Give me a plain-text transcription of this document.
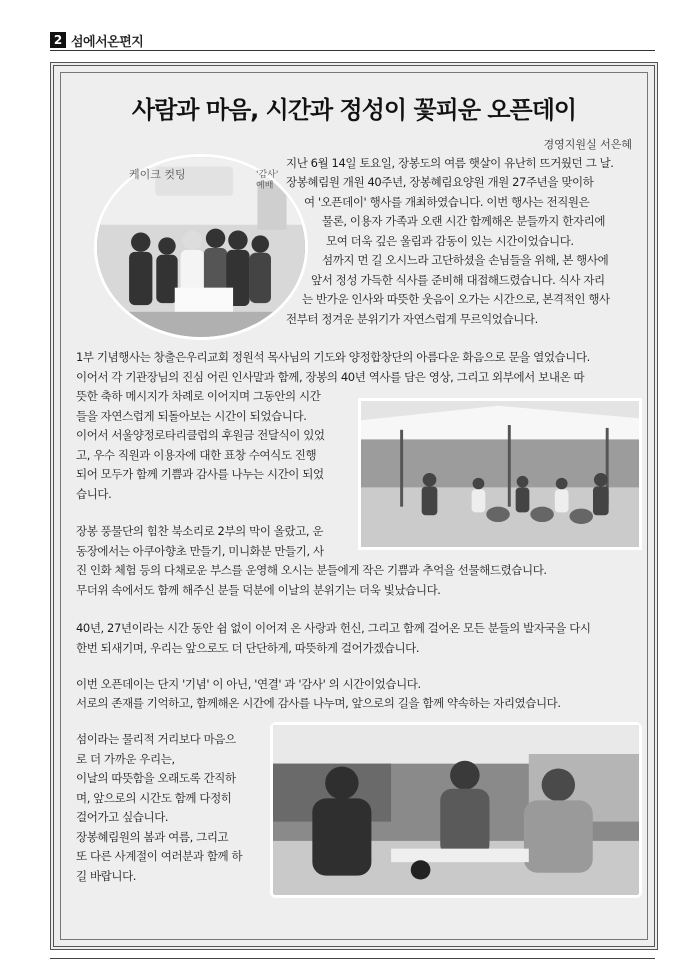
2 섬에서온편지
사람과 마음, 시간과 정성이 꽃피운 오픈데이
경영지원실 서은혜
케이크 컷팅	'감사' 예배

지난 6월 14일 토요일, 장봉도의 여름 햇살이 유난히 뜨거웠던 그 날.

장봉혜림원 개원 40주년, 장봉혜림요양원 개원 27주년을 맞이하

여 '오픈데이' 행사를 개최하였습니다. 이번 행사는 전직원은

물론, 이용자 가족과 오랜 시간 함께해온 분들까지 한자리에

모여 더욱 깊은 울림과 감동이 있는 시간이었습니다.

섬까지 먼 길 오시느라 고단하셨을 손님들을 위해, 본 행사에

앞서 정성 가득한 식사를 준비해 대접해드렸습니다. 식사 자리

는 반가운 인사와 따뜻한 웃음이 오가는 시간으로, 본격적인 행사

전부터 정겨운 분위기가 자연스럽게 무르익었습니다.

1부 기념행사는 창출은우리교회 정원석 목사님의 기도와 양정합창단의 아름다운 화음으로 문을 열었습니다.

이어서 각 기관장님의 진심 어린 인사말과 함께, 장봉의 40년 역사를 담은 영상, 그리고 외부에서 보내온 따

뜻한 축하 메시지가 차례로 이어지며 그동안의 시간

들을 자연스럽게 되돌아보는 시간이 되었습니다.

이어서 서울양정로타리클럽의 후원금 전달식이 있었

고, 우수 직원과 이용자에 대한 표창 수여식도 진행

되어 모두가 함께 기쁨과 감사를 나누는 시간이 되었

습니다.

장봉 풍물단의 힘찬 북소리로 2부의 막이 올랐고, 운

동장에서는 아쿠아향초 만들기, 미니화분 만들기, 사

진 인화 체험 등의 다채로운 부스를 운영해 오시는 분들에게 작은 기쁨과 추억을 선물해드렸습니다.

무더위 속에서도 함께 해주신 분들 덕분에 이날의 분위기는 더욱 빛났습니다.

40년, 27년이라는 시간 동안 쉼 없이 이어져 온 사랑과 헌신, 그리고 함께 걸어온 모든 분들의 발자국을 다시

한번 되새기며, 우리는 앞으로도 더 단단하게, 따뜻하게 걸어가겠습니다.

이번 오픈데이는 단지 '기념' 이 아닌, '연결' 과 '감사' 의 시간이었습니다.

서로의 존재를 기억하고, 함께해온 시간에 감사를 나누며, 앞으로의 길을 함께 약속하는 자리였습니다.

섬이라는 물리적 거리보다 마음으

로 더 가까운 우리는,

이날의 따뜻함을 오래도록 간직하

며, 앞으로의 시간도 함께 다정히

걸어가고 싶습니다.

장봉혜림원의 봄과 여름, 그리고

또 다른 사계절이 여러분과 함께 하

길 바랍니다.
